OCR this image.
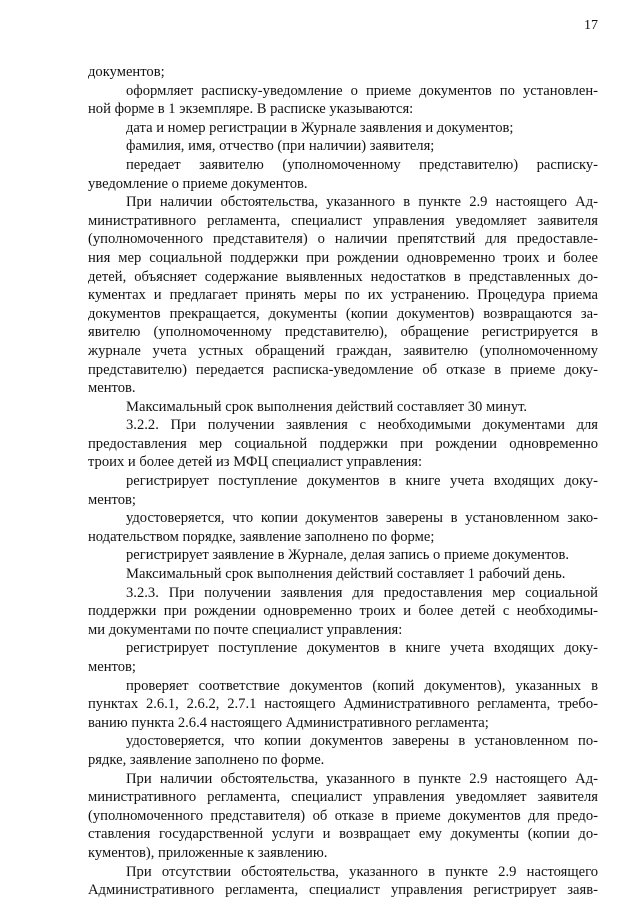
17
документов;
оформляет расписку-уведомление о приеме документов по установлен-
ной форме в 1 экземпляре. В расписке указываются:
дата и номер регистрации в Журнале заявления и документов;
фамилия, имя, отчество (при наличии) заявителя;
передает заявителю (уполномоченному представителю) расписку-
уведомление о приеме документов.
При наличии обстоятельства, указанного в пункте 2.9 настоящего Ад-
министративного регламента, специалист управления уведомляет заявителя
(уполномоченного представителя) о наличии препятствий для предоставле-
ния мер социальной поддержки при рождении одновременно троих и более
детей, объясняет содержание выявленных недостатков в представленных до-
кументах и предлагает принять меры по их устранению. Процедура приема
документов прекращается, документы (копии документов) возвращаются за-
явителю (уполномоченному представителю), обращение регистрируется в
журнале учета устных обращений граждан, заявителю (уполномоченному
представителю) передается расписка-уведомление об отказе в приеме доку-
ментов.
Максимальный срок выполнения действий составляет 30 минут.
3.2.2. При получении заявления с необходимыми документами для
предоставления мер социальной поддержки при рождении одновременно
троих и более детей из МФЦ специалист управления:
регистрирует поступление документов в книге учета входящих доку-
ментов;
удостоверяется, что копии документов заверены в установленном зако-
нодательством порядке, заявление заполнено по форме;
регистрирует заявление в Журнале, делая запись о приеме документов.
Максимальный срок выполнения действий составляет 1 рабочий день.
3.2.3. При получении заявления для предоставления мер социальной
поддержки при рождении одновременно троих и более детей с необходимы-
ми документами по почте специалист управления:
регистрирует поступление документов в книге учета входящих доку-
ментов;
проверяет соответствие документов (копий документов), указанных в
пунктах 2.6.1, 2.6.2, 2.7.1 настоящего Административного регламента, требо-
ванию пункта 2.6.4 настоящего Административного регламента;
удостоверяется, что копии документов заверены в установленном по-
рядке, заявление заполнено по форме.
При наличии обстоятельства, указанного в пункте 2.9 настоящего Ад-
министративного регламента, специалист управления уведомляет заявителя
(уполномоченного представителя) об отказе в приеме документов для предо-
ставления государственной услуги и возвращает ему документы (копии до-
кументов), приложенные к заявлению.
При отсутствии обстоятельства, указанного в пункте 2.9 настоящего
Административного регламента, специалист управления регистрирует заяв-
